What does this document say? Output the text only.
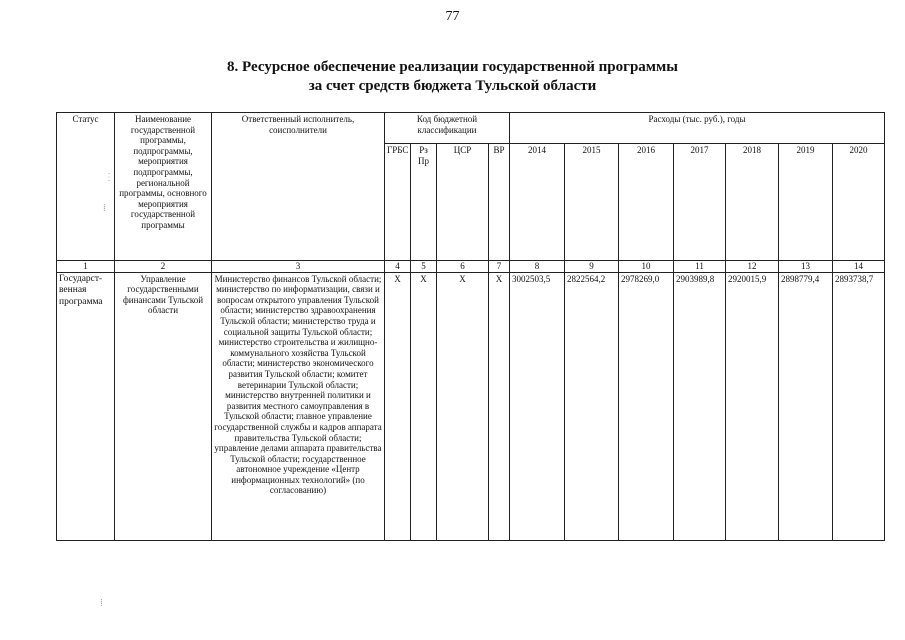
77
8. Ресурсное обеспечение реализации государственной программы
за счет средств бюджета Тульской области
Статус	Наименование государственной программы, подпрограммы, мероприятия подпрограммы, региональной программы, основного мероприятия государственной программы	Ответственный исполнитель, соисполнители	Код бюджетной классификации				Расходы (тыс. руб.), годы						
			ГРБС	Рз Пр	ЦСР	ВР	2014	2015	2016	2017	2018	2019	2020
1	2	3	4	5	6	7	8	9	10	11	12	13	14
Государст-венная программа	Управление государственными финансами Тульской области	Министерство финансов Тульской области; министерство по информатизации, связи и вопросам открытого управления Тульской области; министерство здравоохранения Тульской области; министерство труда и социальной защиты Тульской области; министерство строительства и жилищно-коммунального хозяйства Тульской области; министерство экономического развития Тульской области; комитет ветеринарии Тульской области; министерство внутренней политики и развития местного самоуправления в Тульской области; главное управление государственной службы и кадров аппарата правительства Тульской области; управление делами аппарата правительства Тульской области; государственное автономное учреждение «Центр информационных технологий» (по согласованию)	X	X	X	X	3002503,5	2822564,2	2978269,0	2903989,8	2920015,9	2898779,4	2893738,7
⋮
⁞
⁞
